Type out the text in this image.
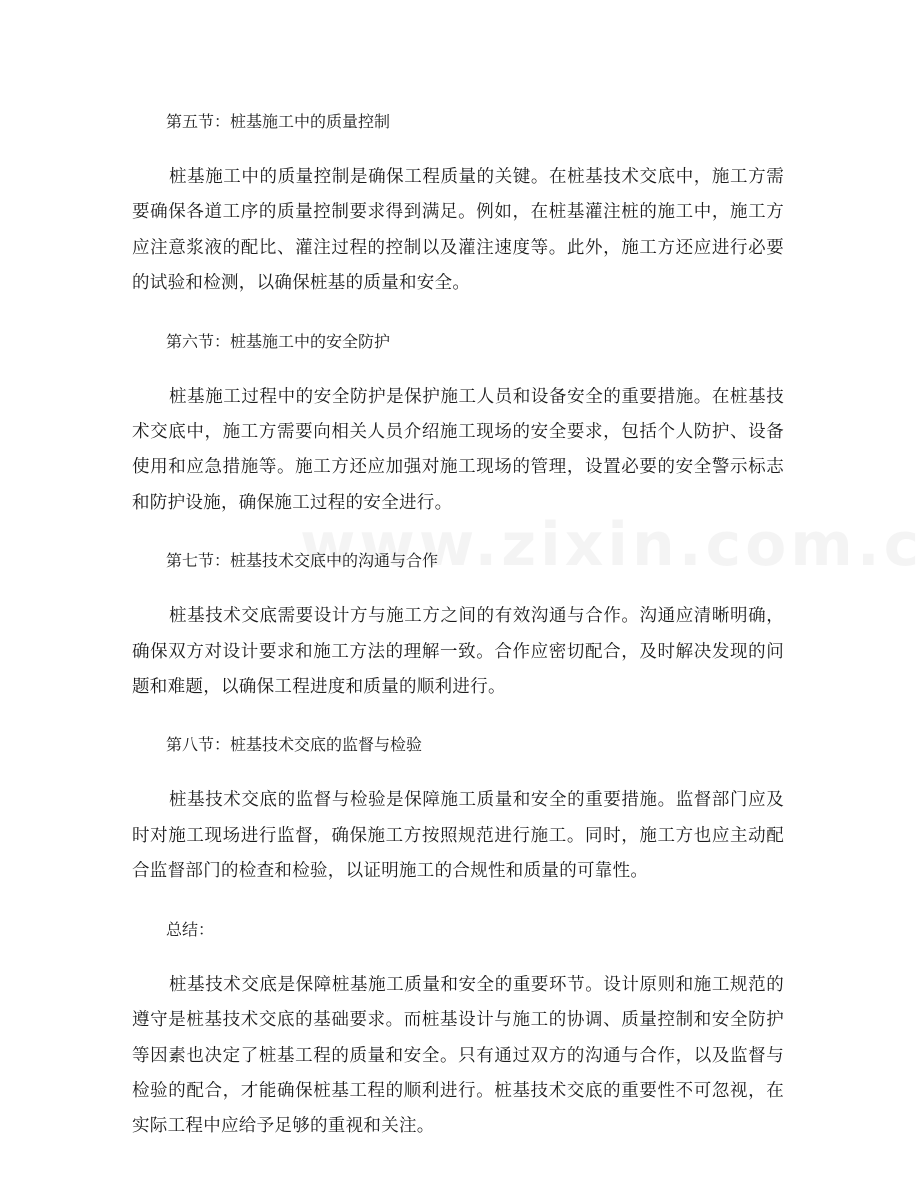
第五节：桩基施工中的质量控制

桩基施工中的质量控制是确保工程质量的关键。在桩基技术交底中，施工方需要确保各道工序的质量控制要求得到满足。例如，在桩基灌注桩的施工中，施工方应注意浆液的配比、灌注过程的控制以及灌注速度等。此外，施工方还应进行必要的试验和检测，以确保桩基的质量和安全。

第六节：桩基施工中的安全防护

桩基施工过程中的安全防护是保护施工人员和设备安全的重要措施。在桩基技术交底中，施工方需要向相关人员介绍施工现场的安全要求，包括个人防护、设备使用和应急措施等。施工方还应加强对施工现场的管理，设置必要的安全警示标志和防护设施，确保施工过程的安全进行。

第七节：桩基技术交底中的沟通与合作

桩基技术交底需要设计方与施工方之间的有效沟通与合作。沟通应清晰明确，确保双方对设计要求和施工方法的理解一致。合作应密切配合，及时解决发现的问题和难题，以确保工程进度和质量的顺利进行。

第八节：桩基技术交底的监督与检验

桩基技术交底的监督与检验是保障施工质量和安全的重要措施。监督部门应及时对施工现场进行监督，确保施工方按照规范进行施工。同时，施工方也应主动配合监督部门的检查和检验，以证明施工的合规性和质量的可靠性。

总结：

桩基技术交底是保障桩基施工质量和安全的重要环节。设计原则和施工规范的遵守是桩基技术交底的基础要求。而桩基设计与施工的协调、质量控制和安全防护等因素也决定了桩基工程的质量和安全。只有通过双方的沟通与合作，以及监督与检验的配合，才能确保桩基工程的顺利进行。桩基技术交底的重要性不可忽视，在实际工程中应给予足够的重视和关注。
